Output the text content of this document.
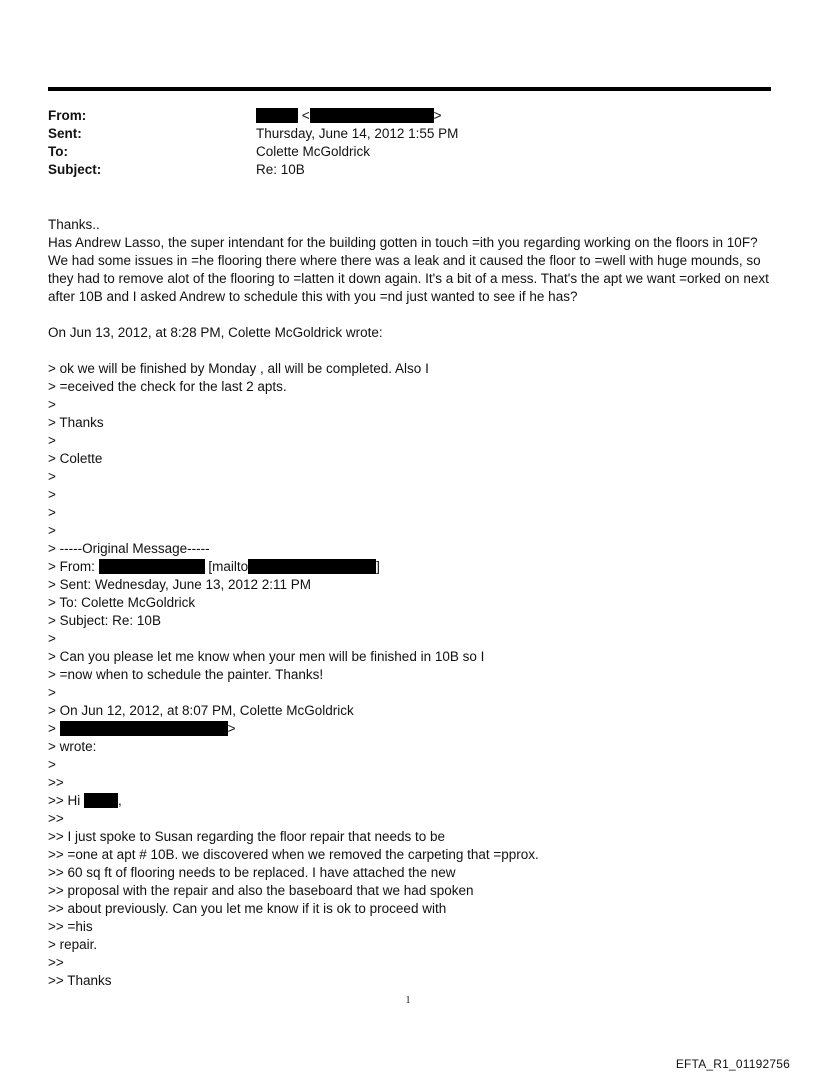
From:	<	>
Sent:	Thursday, June 14, 2012 1:55 PM
To:	Colette McGoldrick
Subject:	Re: 10B

Thanks..

Has Andrew Lasso, the super intendant for the building gotten in touch =ith you regarding working on the floors in 10F? We had some issues in =he flooring there where there was a leak and it caused the floor to =well with huge mounds, so they had to remove alot of the flooring to =latten it down again. It's a bit of a mess. That's the apt we want =orked on next after 10B and I asked Andrew to schedule this with you =nd just wanted to see if he has?

On Jun 13, 2012, at 8:28 PM, Colette McGoldrick wrote:

> ok we will be finished by Monday , all will be completed. Also I
> =eceived the check for the last 2 apts.
>
> Thanks
>
> Colette
>
>
>
>
> -----Original Message-----
> From:	[mailto	]
> Sent: Wednesday, June 13, 2012 2:11 PM
> To: Colette McGoldrick
> Subject: Re: 10B
>
> Can you please let me know when your men will be finished in 10B so I
> =now when to schedule the painter. Thanks!
>
> On Jun 12, 2012, at 8:07 PM, Colette McGoldrick
>	>
> wrote:
>
>>
>> Hi	,
>>
>> I just spoke to Susan regarding the floor repair that needs to be
>> =one at apt # 10B. we discovered when we removed the carpeting that =pprox.
>> 60 sq ft of flooring needs to be replaced. I have attached the new
>> proposal with the repair and also the baseboard that we had spoken
>> about previously. Can you let me know if it is ok to proceed with
>> =his
> repair.
>>
>> Thanks
1
EFTA_R1_01192756
